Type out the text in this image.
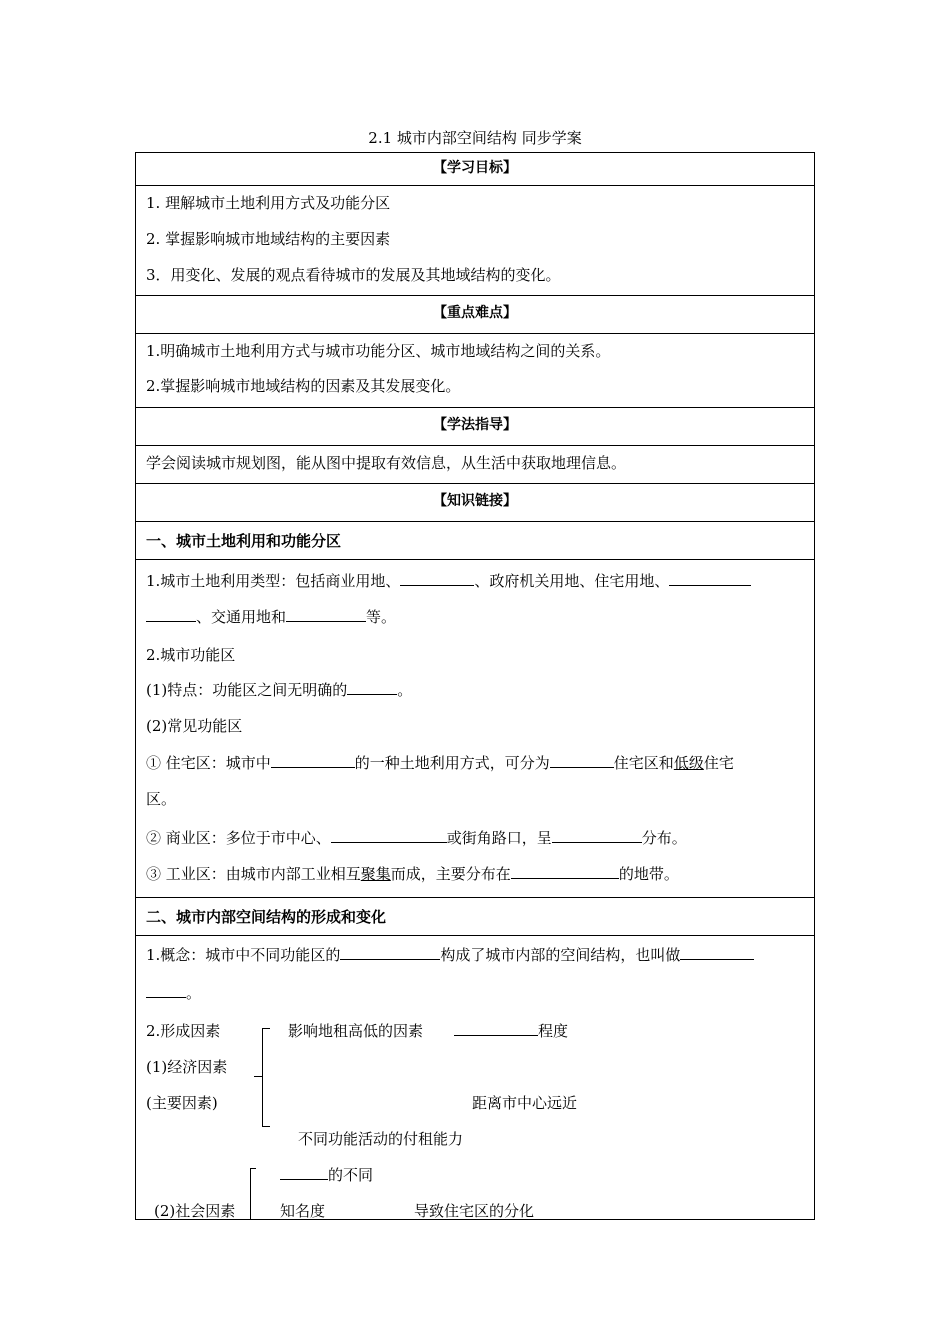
2.1 城市内部空间结构 同步学案
【学习目标】
1. 理解城市土地利用方式及功能分区
2. 掌握影响城市地域结构的主要因素
3．用变化、发展的观点看待城市的发展及其地域结构的变化。
【重点难点】
1.明确城市土地利用方式与城市功能分区、城市地域结构之间的关系。
2.掌握影响城市地域结构的因素及其发展变化。
【学法指导】
学会阅读城市规划图，能从图中提取有效信息，从生活中获取地理信息。
【知识链接】
一、城市土地利用和功能分区
1.城市土地利用类型：包括商业用地、	、政府机关用地、住宅用地、
、交通用地和	等。
2.城市功能区
(1)特点：功能区之间无明确的	。
(2)常见功能区
① 住宅区：城市中	的一种土地利用方式，可分为	住宅区和低级住宅
区。
② 商业区：多位于市中心、	或街角路口，呈	分布。
③ 工业区：由城市内部工业相互聚集而成，主要分布在	的地带。
二、城市内部空间结构的形成和变化
1.概念：城市中不同功能区的	构成了城市内部的空间结构，也叫做
。
2.形成因素
(1)经济因素
(主要因素)
影响地租高低的因素	程度
距离市中心远近
不同功能活动的付租能力
的不同
知名度
(2)社会因素	导致住宅区的分化
